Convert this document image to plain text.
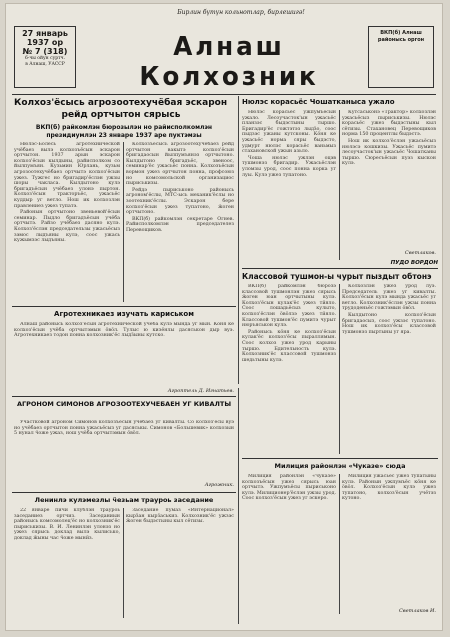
Бирлин бүтүн кольнотлар, бирлешигә!
27 январь
1937 ор
№ 7 (318)
6-чы ойун суртч.
в Алнаш, УАССР
Алнаш Колхозник
ВКП(б) Алнаш районысь оргон
Колхоз'ёсысь агрозоотехучёбая эскарон
рейд ортчытон сярысь
ВКП(б) райкомлэн бюрозылэн но райисполкомлэн
президиумлэн 23 январе 1937 арe пуктэмзы

Нюлэс-Болёсь агротехнической учёбаез вылэ колхозъёсын эскарон ортчытон. 1937 арын эскарон колхоз'ёсын кылдыны, райисполком со йылпумъян. Кузьмин Юрлань, кузьм агрозоотехучёбаез ортчытэ колхоз'ёсын ужез. Тужгес но бригадир'ёслэн ужзы шоры чакласа. Кылдытоно кулэ бригадъёсын учёбаез улонэ пыртон. Колхоз'ёсын тракторъёс, ужасьёс куддыр уг ветло. Нош ик колхозлэн правлениез ужез тупатэ.

Районын ортчытоно звеньевой'ёсын семинар. Пыдло бригадъёсын учёба ортчытэ. Райзо учёбаез дасяно кулэ. Колхоз'ёслэн председательзы ужасьёсыз зэмос лыдъяны кулэ, соос ужась кужымзэс лыдъяны.

Колхозъёсысь агрозоотехучёбаез рейд ортчытон вакытэ колхоз'ёсын бригадаосын йылпумъянэз ортчытоно. Кылдытоно бригадъёс, звеноос, семинар'ёс ужасьёс понна. Колхозъёсын вормон ужез ортчытон понна, профсоюз но комсомольской организациос пыриськизы.

Рейдэ пыриськоно районысь агроном'ёслы, МТС-ысь механик'ёслы но зоотехник'ёслы. Эскарон бере колхоз'ёсын ужез тупатоно, ӝоген ортчытоно.

ВКП(б) райкомлэн секретаре Огнев. Райисполкомлэн председателез Перевощиков.

Нюлэс корасьёс Чошатканыса ужало

Нюлэс корасьёс ужпумъёсын ужало. Лесоучасток'ын ужасьёс планзэс быдэстыны тыршо. Бригадир'ёс гожтэтэз лыдӟо, соос пыдзэс ужаны кутсконы. Кӧня ке ужасьёс норма сяры быдэсто, удмурт нюлэс корасьёс ваньмыз стахановской ужын азьло.

Чоша нюлэс ужлэн оцэв тушмонэз бригадир. Ужасьёслэн уломзы урод, соос понна корка уг луы. Кулэ ужез тупатоно.

Кутсаськонэ «Трактор» колхозлэн ужасьёсыз пыриськизы. Нюлэс корасьёс ужез быдэстыны кыл сётизы. Стахановец Перевощиков норма 150 процентлы быдэстэ.

Нош ик колхоз'ёслэн ужасьёсыз нюлэсэ кошкизы. Ужасьёс пумитэ лесоучасток'ын ужасьёс Чошатканы тыршо. Сюресъёсын пуэз кыскон кулэ.

Светлаков.
ПУДО ВОРДОН
Классовой тушмон-ы чурыт пыздыт обтонэ

ВКП(б) райкомлэн бюрозэ классовой тушмонлэн ужез сярысь ӝоген юан ортчытыны кулэ. Колхоз'ёсын кулак'ёс ужез тӥяло. Соос лошадьёсыз кулыто, колхоз'ёслэн ӧвӧлзэ ужез тӥяло. Классовой тушмон'ёс пумитэ чурыт нюръяськон кулэ.

Районысь кӧня ке колхоз'ёсын кулак'ёс колхоз'ёсы пыраллямын. Соос колхоз ужез урод карыны тыршо. Бдительность кулэ. Колхозник'ёс классовой тушмонэз шедьтыны кулэ.

Колхозлэн ужез урод луэ. Председатель ужез уг кивалты. Колхоз'ёсын кулэ мында ужасьёс уг ветло. Колхозник'ёслэн ужзы понна трудоденьёс гожтэмын ӧвӧл.

Кылдытоно колхоз'ёсын бригадаосыз, соос ужзэс тупатоно. Нош ик колхоз'ёсы классовой тушмонэз пыртыны уг яра.

Агротехникаез изучать кариськом

Алнаш районысь колхоз'ёсын агротехнической учёба кулэ мында уг мын. Кӧня ке колхоз'ёсын учёба ортчытэмын ӧвӧл. Тулыс ю кизёнлы дасяськон дыр вуэ. Агротехникаез тодон понна колхозник'ёс лыдӟыны кутско.

Агроптель Д. Игнатьев.
АГРОНОМ СИМОНОВ АГРОЗООТЕХУЧЕБАЕН УГ КИВАЛТЫ

Участковой агроном Симонов колхозъёсын учёбаез уг кивалты. Со колхоз'ёсы вуэ но учёбаез ортчытон понна ужасьёсыз уг дасяськы. Симонов «Большевик» колхозын 5 нунал ӵоже ужаз, нош учёба ортчытэмын ӧвӧл.

Агрожник.
Милиция районлэн «Чуказе» сюда

Милиция районлэн «Чуказе» колхозъёсын ужез сярысь юан ортчытэ. Ужпумъёсы пыриськоно кулэ. Милиционер'ёслэн ужзы урод. Соос колхоз'ёсын ужез уг эскеро.

Милиция ужасьёс ужез тупатыны кулэ. Районын ужпумъёс кӧня ке ӧвӧл. Колхоз'ёсын кулэ ужез тупатоно, колхоз'ёсын учётэз кутоно.

Светлаков И.
Ленинлэ кулэмезлы ӵезьам трауроь заседание

22 январе пичи клублэн трауроь заседаниез ортчиз. Заседаниын районысь комсомолец'ёс но колхозник'ёс пыриськизы. В. И. Ленинлэн улонэз но ужез сярысь доклад вылэ кылисько, доклад ӝыны час ӵоже мынӥз.

Заседание пумаз «Интернационал» кырӟан кырӟаськиз. Колхозник'ёс ужзэс ӝоген быдэстыны кыл сётизы.
